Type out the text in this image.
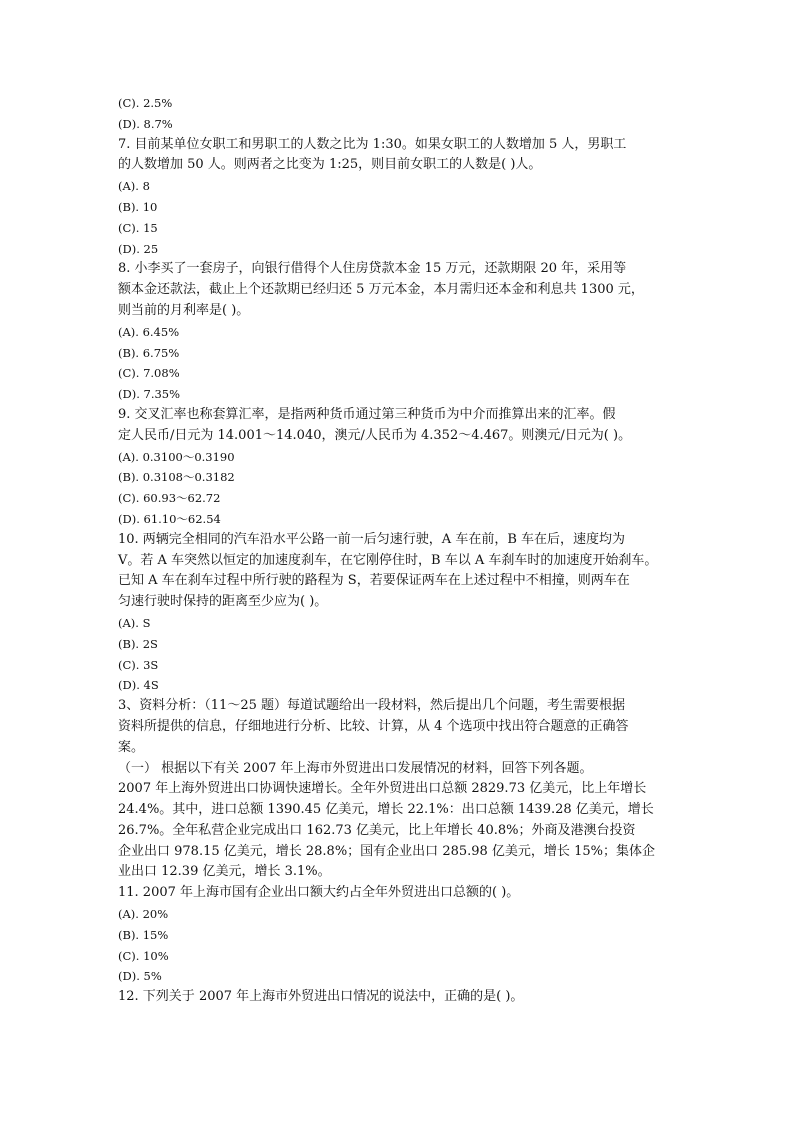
(C). 2.5%
(D). 8.7%
7. 目前某单位女职工和男职工的人数之比为 1:30。如果女职工的人数增加 5 人，男职工
的人数增加 50 人。则两者之比变为 1:25，则目前女职工的人数是( )人。
(A). 8
(B). 10
(C). 15
(D). 25
8. 小李买了一套房子，向银行借得个人住房贷款本金 15 万元，还款期限 20 年，采用等
额本金还款法，截止上个还款期已经归还 5 万元本金，本月需归还本金和利息共 1300 元，
则当前的月利率是( )。
(A). 6.45%
(B). 6.75%
(C). 7.08%
(D). 7.35%
9. 交叉汇率也称套算汇率，是指两种货币通过第三种货币为中介而推算出来的汇率。假
定人民币/日元为 14.001～14.040，澳元/人民币为 4.352～4.467。则澳元/日元为( )。
(A). 0.3100～0.3190
(B). 0.3108～0.3182
(C). 60.93～62.72
(D). 61.10～62.54
10. 两辆完全相同的汽车沿水平公路一前一后匀速行驶，A 车在前，B 车在后，速度均为
V。若 A 车突然以恒定的加速度刹车，在它刚停住时，B 车以 A 车刹车时的加速度开始刹车。
已知 A 车在刹车过程中所行驶的路程为 S，若要保证两车在上述过程中不相撞，则两车在
匀速行驶时保持的距离至少应为( )。
(A). S
(B). 2S
(C). 3S
(D). 4S
3、资料分析：（11～25 题）每道试题给出一段材料，然后提出几个问题，考生需要根据
资料所提供的信息，仔细地进行分析、比较、计算，从 4 个选项中找出符合题意的正确答
案。
（一） 根据以下有关 2007 年上海市外贸进出口发展情况的材料，回答下列各题。
2007 年上海外贸进出口协调快速增长。全年外贸进出口总额 2829.73 亿美元，比上年增长
24.4%。其中，进口总额 1390.45 亿美元，增长 22.1%：出口总额 1439.28 亿美元，增长
26.7%。全年私营企业完成出口 162.73 亿美元，比上年增长 40.8%；外商及港澳台投资
企业出口 978.15 亿美元，增长 28.8%；国有企业出口 285.98 亿美元，增长 15%；集体企
业出口 12.39 亿美元，增长 3.1%。
11. 2007 年上海市国有企业出口额大约占全年外贸进出口总额的( )。
(A). 20%
(B). 15%
(C). 10%
(D). 5%
12. 下列关于 2007 年上海市外贸进出口情况的说法中，正确的是( )。
